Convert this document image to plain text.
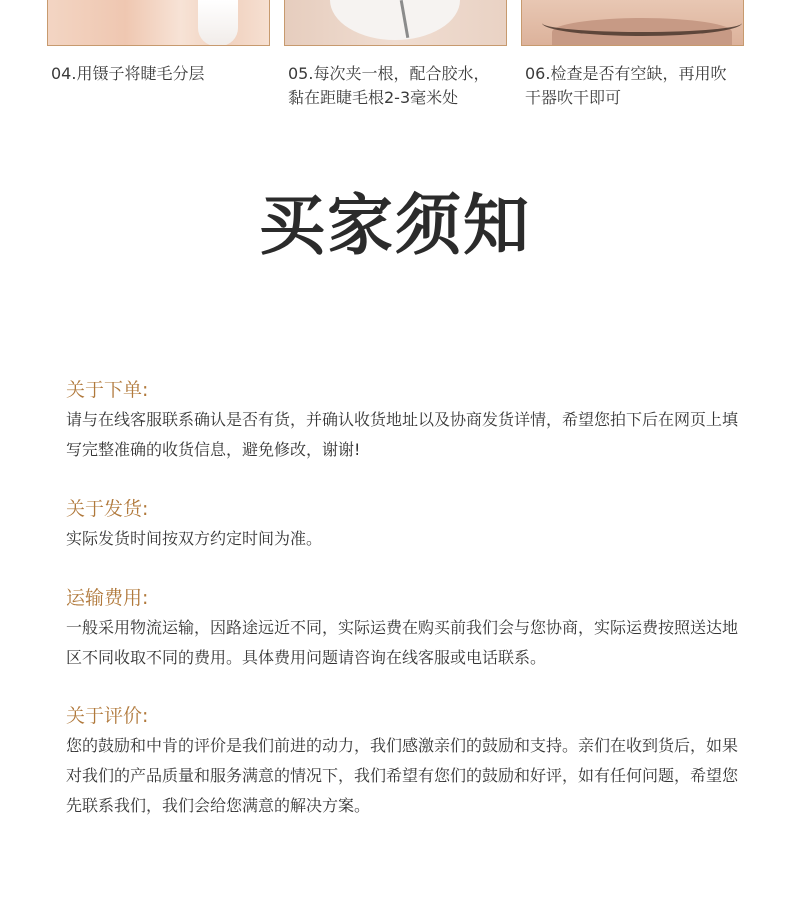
04.用镊子将睫毛分层	05.每次夹一根，配合胶水，黏在距睫毛根2-3毫米处
06.检查是否有空缺，再用吹干器吹干即可
买家须知
关于下单:
请与在线客服联系确认是否有货，并确认收货地址以及协商发货详情，希望您拍下后在网页上填写完整准确的收货信息，避免修改，谢谢!
关于发货:
实际发货时间按双方约定时间为准。
运输费用:
一般采用物流运输，因路途远近不同，实际运费在购买前我们会与您协商，实际运费按照送达地区不同收取不同的费用。具体费用问题请咨询在线客服或电话联系。
关于评价:
您的鼓励和中肯的评价是我们前进的动力，我们感激亲们的鼓励和支持。亲们在收到货后，如果对我们的产品质量和服务满意的情况下，我们希望有您们的鼓励和好评，如有任何问题，希望您先联系我们，我们会给您满意的解决方案。
